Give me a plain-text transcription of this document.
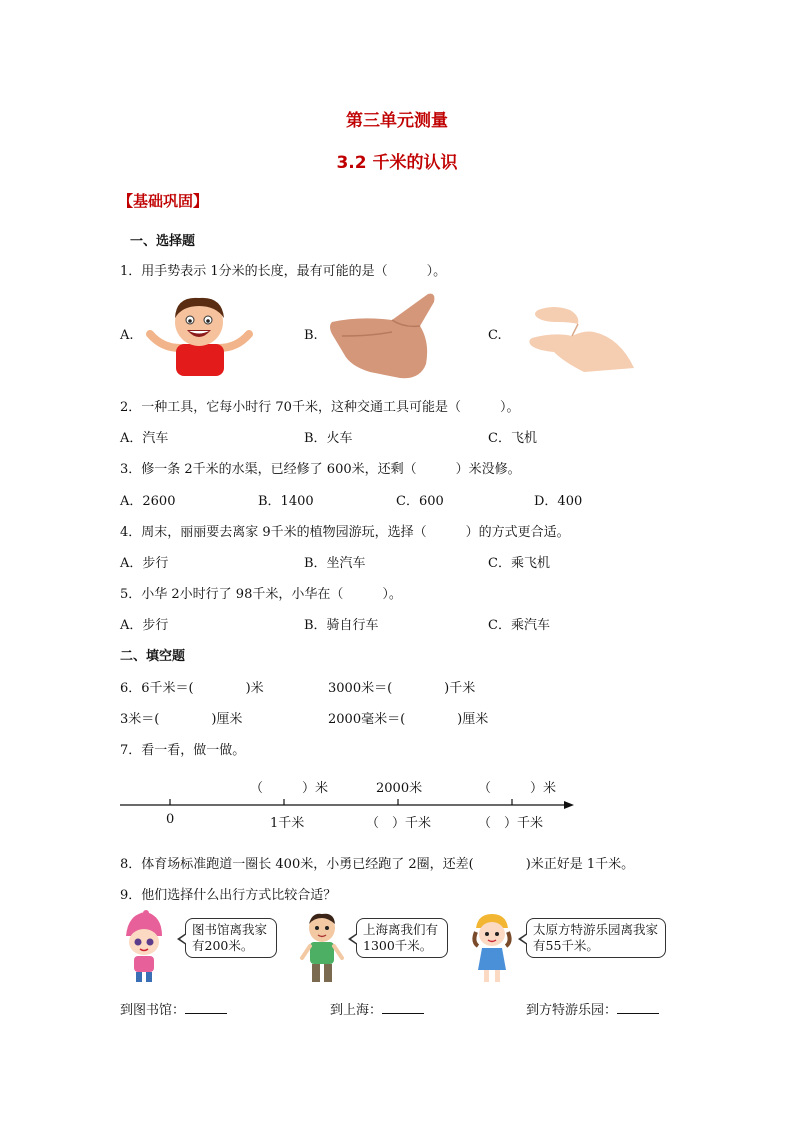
第三单元测量
3.2 千米的认识
【基础巩固】
一、选择题
1．用手势表示 1分米的长度，最有可能的是（　　　）。
A.	B.	C.
2．一种工具，它每小时行 70千米，这种交通工具可能是（　　　）。
A．汽车	B．火车	C．飞机
3．修一条 2千米的水渠，已经修了 600米，还剩（　　　）米没修。
A．2600	B．1400	C．600	D．400
4．周末，丽丽要去离家 9千米的植物园游玩，选择（　　　）的方式更合适。
A．步行	B．坐汽车	C．乘飞机
5．小华 2小时行了 98千米，小华在（　　　）。
A．步行	B．骑自行车	C．乘汽车
二、填空题
6．6千米＝(　　　　)米	3000米＝(　　　　)千米
3米＝(　　　　)厘米	2000毫米＝(　　　　)厘米
7．看一看，做一做。
（　　　）米	2000米	（　　　）米
0	1千米	（　）千米	（　）千米
8．体育场标准跑道一圈长 400米，小勇已经跑了 2圈，还差(　　　　)米正好是 1千米。
9．他们选择什么出行方式比较合适？
图书馆离我家有200米。
上海离我们有1300千米。
太原方特游乐园离我家有55千米。
到图书馆：	到上海：	到方特游乐园：
